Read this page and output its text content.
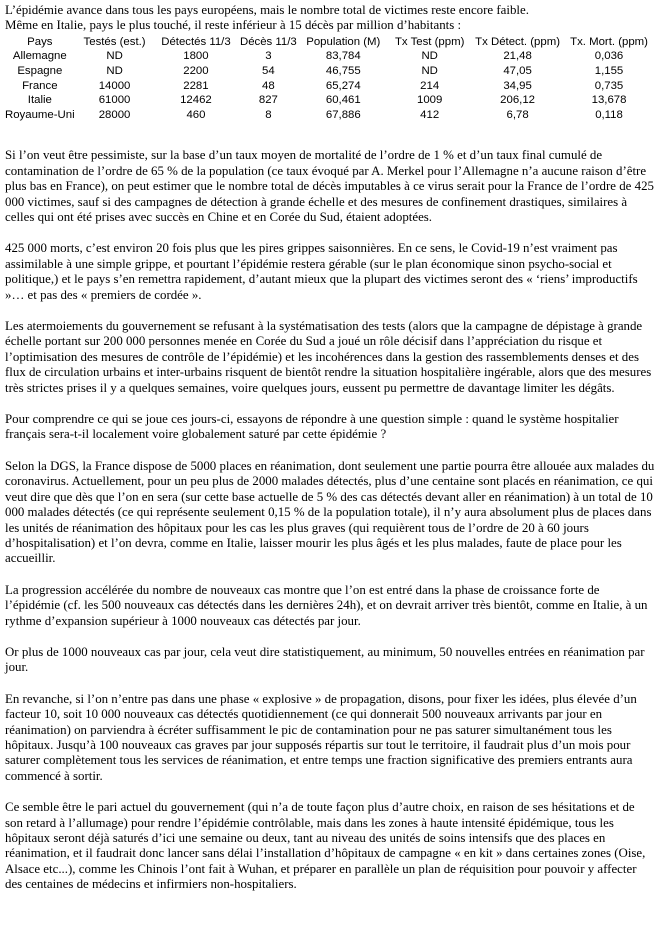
L’épidémie avance dans tous les pays européens, mais le nombre total de victimes reste encore faible.
Même en Italie, pays le plus touché, il reste inférieur à 15 décès par million d’habitants :

Pays	Testés (est.)	Détectés 11/3	Décès 11/3	Population (M)	Tx Test (ppm)	Tx Détect. (ppm)	Tx. Mort. (ppm)
Allemagne	ND	1800	3	83,784	ND	21,48	0,036
Espagne	ND	2200	54	46,755	ND	47,05	1,155
France	14000	2281	48	65,274	214	34,95	0,735
Italie	61000	12462	827	60,461	1009	206,12	13,678
Royaume-Uni	28000	460	8	67,886	412	6,78	0,118

Si l’on veut être pessimiste, sur la base d’un taux moyen de mortalité de l’ordre de 1 % et d’un taux final cumulé de contamination de l’ordre de 65 % de la population (ce taux évoqué par A. Merkel pour l’Allemagne n’a aucune raison d’être plus bas en France), on peut estimer que le nombre total de décès imputables à ce virus serait pour la France de l’ordre de 425 000 victimes, sauf si des campagnes de détection à grande échelle et des mesures de confinement drastiques, similaires à celles qui ont été prises avec succès en Chine et en Corée du Sud, étaient adoptées.

425 000 morts, c’est environ 20 fois plus que les pires grippes saisonnières. En ce sens, le Covid-19 n’est vraiment pas assimilable à une simple grippe, et pourtant l’épidémie restera gérable (sur le plan économique sinon psycho-social et politique,) et le pays s’en remettra rapidement, d’autant mieux que la plupart des victimes seront des « ‘riens’ improductifs »… et pas des « premiers de cordée ».

Les atermoiements du gouvernement se refusant à la systématisation des tests (alors que la campagne de dépistage à grande échelle portant sur 200 000 personnes menée en Corée du Sud a joué un rôle décisif dans l’appréciation du risque et l’optimisation des mesures de contrôle de l’épidémie) et les incohérences dans la gestion des rassemblements denses et des flux de circulation urbains et inter-urbains risquent de bientôt rendre la situation hospitalière ingérable, alors que des mesures très strictes prises il y a quelques semaines, voire quelques jours, eussent pu permettre de davantage limiter les dégâts.

Pour comprendre ce qui se joue ces jours-ci, essayons de répondre à une question simple : quand le système hospitalier français sera-t-il localement voire globalement saturé par cette épidémie ?

Selon la DGS, la France dispose de 5000 places en réanimation, dont seulement une partie pourra être allouée aux malades du coronavirus. Actuellement, pour un peu plus de 2000 malades détectés, plus d’une centaine sont placés en réanimation, ce qui veut dire que dès que l’on en sera (sur cette base actuelle de 5 % des cas détectés devant aller en réanimation) à un total de 10 000 malades détectés (ce qui représente seulement 0,15 % de la population totale), il n’y aura absolument plus de places dans les unités de réanimation des hôpitaux pour les cas les plus graves (qui requièrent tous de l’ordre de 20 à 60 jours d’hospitalisation) et l’on devra, comme en Italie, laisser mourir les plus âgés et les plus malades, faute de place pour les accueillir.

La progression accélérée du nombre de nouveaux cas montre que l’on est entré dans la phase de croissance forte de l’épidémie (cf. les 500 nouveaux cas détectés dans les dernières 24h), et on devrait arriver très bientôt, comme en Italie, à un rythme d’expansion supérieur à 1000 nouveaux cas détectés par jour.

Or plus de 1000 nouveaux cas par jour, cela veut dire statistiquement, au minimum, 50 nouvelles entrées en réanimation par jour.

En revanche, si l’on n’entre pas dans une phase « explosive » de propagation, disons, pour fixer les idées, plus élevée d’un facteur 10, soit 10 000 nouveaux cas détectés quotidiennement (ce qui donnerait 500 nouveaux arrivants par jour en réanimation) on parviendra à écréter suffisamment le pic de contamination pour ne pas saturer simultanément tous les hôpitaux. Jusqu’à 100 nouveaux cas graves par jour supposés répartis sur tout le territoire, il faudrait plus d’un mois pour saturer complètement tous les services de réanimation, et entre temps une fraction significative des premiers entrants aura commencé à sortir.

Ce semble être le pari actuel du gouvernement (qui n’a de toute façon plus d’autre choix, en raison de ses hésitations et de son retard à l’allumage) pour rendre l’épidémie contrôlable, mais dans les zones à haute intensité épidémique, tous les hôpitaux seront déjà saturés d’ici une semaine ou deux, tant au niveau des unités de soins intensifs que des places en réanimation, et il faudrait donc lancer sans délai l’installation d’hôpitaux de campagne « en kit » dans certaines zones (Oise, Alsace etc...), comme les Chinois l’ont fait à Wuhan, et préparer en parallèle un plan de réquisition pour pouvoir y affecter des centaines de médecins et infirmiers non-hospitaliers.
